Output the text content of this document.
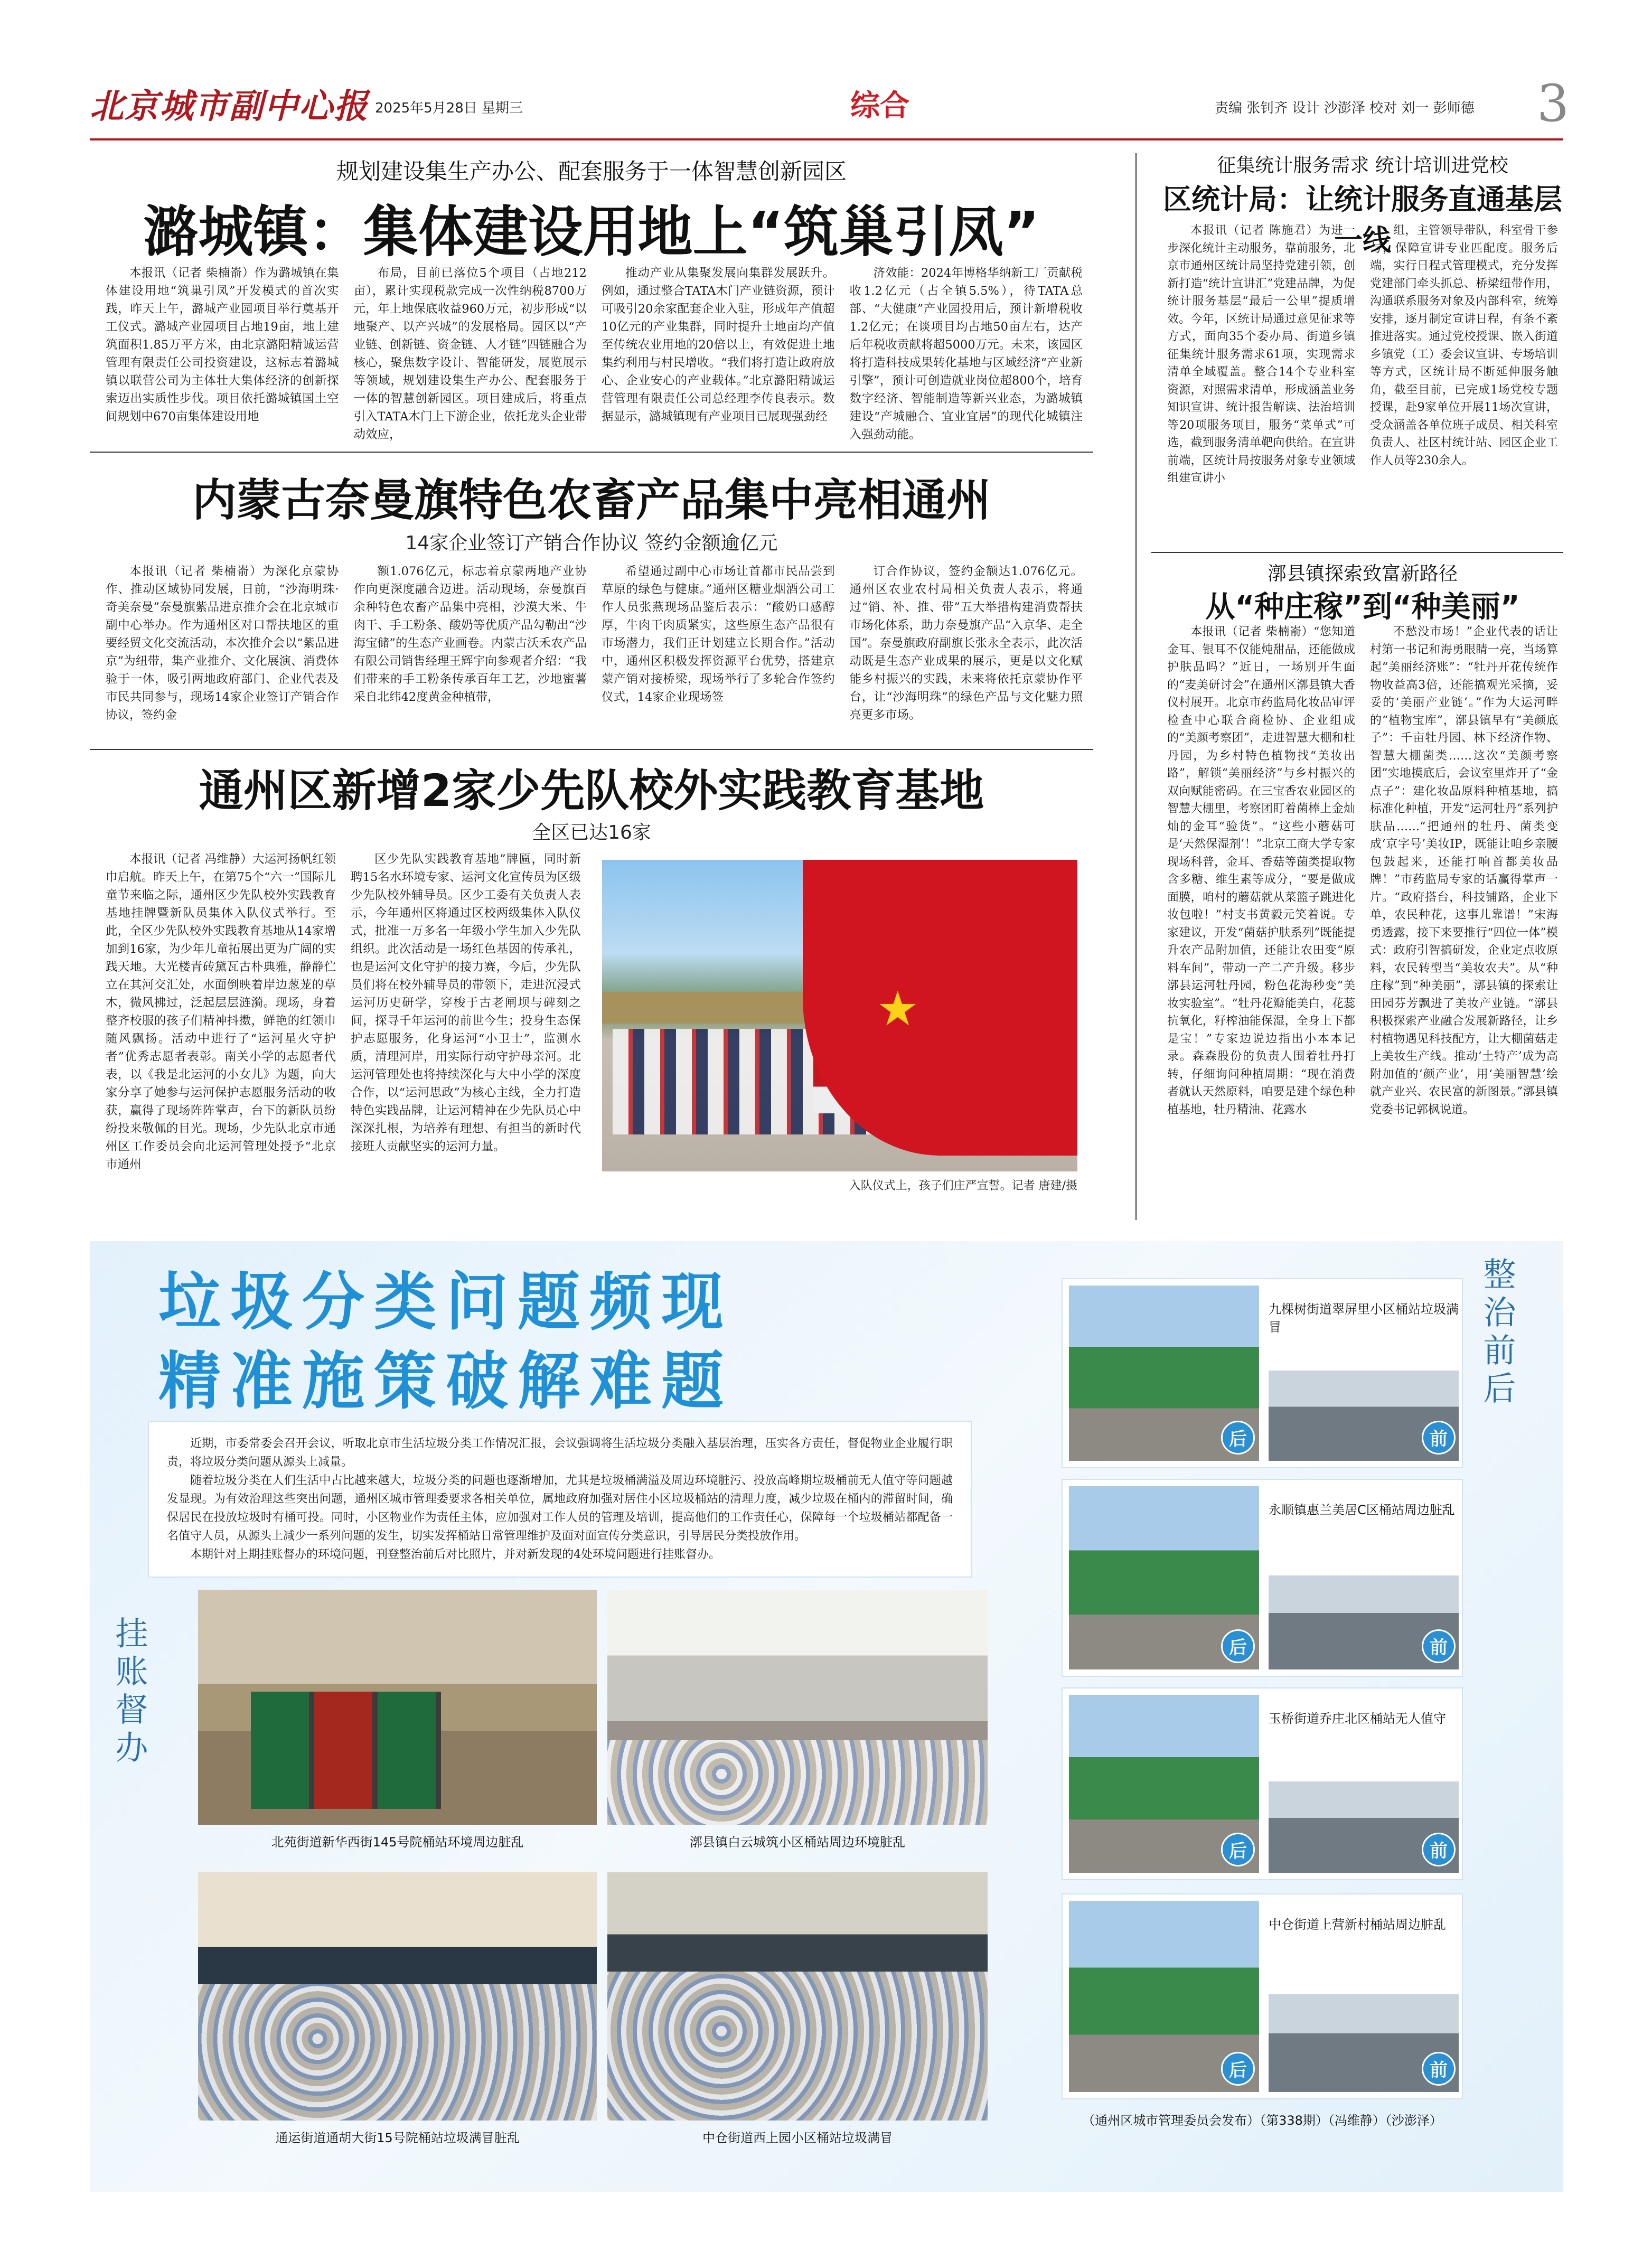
北京城市副中心报 2025年5月28日 星期三	综合	责编 张钊齐 设计 沙澎泽 校对 刘一 彭师德 3
规划建设集生产办公、配套服务于一体智慧创新园区
潞城镇：集体建设用地上“筑巢引凤”

本报讯（记者 柴楠嵛）作为潞城镇在集体建设用地“筑巢引凤”开发模式的首次实践，昨天上午，潞城产业园项目举行奠基开工仪式。潞城产业园项目占地19亩，地上建筑面积1.85万平方米，由北京潞阳精诚运营管理有限责任公司投资建设，这标志着潞城镇以联营公司为主体壮大集体经济的创新探索迈出实质性步伐。项目依托潞城镇国土空间规划中670亩集体建设用地

布局，目前已落位5个项目（占地212亩），累计实现税款完成一次性纳税8700万元，年上地保底收益960万元，初步形成“以地聚产、以产兴城”的发展格局。园区以“产业链、创新链、资金链、人才链”四链融合为核心，聚焦数字设计、智能研发，展览展示等领域，规划建设集生产办公、配套服务于一体的智慧创新园区。项目建成后，将重点引入TATA木门上下游企业，依托龙头企业带动效应，

推动产业从集聚发展向集群发展跃升。例如，通过整合TATA木门产业链资源，预计可吸引20余家配套企业入驻，形成年产值超10亿元的产业集群，同时提升土地亩均产值至传统农业用地的20倍以上，有效促进土地集约利用与村民增收。“我们将打造让政府放心、企业安心的产业载体。”北京潞阳精诚运营管理有限责任公司总经理李传良表示。数据显示，潞城镇现有产业项目已展现强劲经

济效能：2024年博格华纳新工厂贡献税收1.2亿元（占全镇5.5%），待TATA总部、“大健康”产业园投用后，预计新增税收1.2亿元；在谈项目均占地50亩左右，达产后年税收贡献将超5000万元。未来，该园区将打造科技成果转化基地与区域经济“产业新引擎”，预计可创造就业岗位超800个，培育数字经济、智能制造等新兴业态，为潞城镇建设“产城融合、宜业宜居”的现代化城镇注入强劲动能。

内蒙古奈曼旗特色农畜产品集中亮相通州
14家企业签订产销合作协议 签约金额逾亿元

本报讯（记者 柴楠嵛）为深化京蒙协作、推动区域协同发展，日前，“沙海明珠·奇美奈曼”奈曼旗紫品进京推介会在北京城市副中心举办。作为通州区对口帮扶地区的重要经贸文化交流活动，本次推介会以“紫品进京”为纽带，集产业推介、文化展演、消费体验于一体，吸引两地政府部门、企业代表及市民共同参与，现场14家企业签订产销合作协议，签约金

额1.076亿元，标志着京蒙两地产业协作向更深度融合迈进。活动现场，奈曼旗百余种特色农畜产品集中亮相，沙漠大米、牛肉干、手工粉条、酸奶等优质产品勾勒出“沙海宝储”的生态产业画卷。内蒙古沃禾农产品有限公司销售经理王辉宇向参观者介绍：“我们带来的手工粉条传承百年工艺，沙地蜜薯采自北纬42度黄金种植带，

希望通过副中心市场让首都市民品尝到草原的绿色与健康。”通州区糖业烟酒公司工作人员张燕现场品鉴后表示：“酸奶口感醇厚，牛肉干肉质紧实，这些原生态产品很有市场潜力，我们正计划建立长期合作。”活动中，通州区积极发挥资源平台优势，搭建京蒙产销对接桥梁，现场举行了多轮合作签约仪式，14家企业现场签

订合作协议，签约金额达1.076亿元。通州区农业农村局相关负责人表示，将通过“销、补、推、带”五大举措构建消费帮扶市场化体系，助力奈曼旗产品“入京华、走全国”。奈曼旗政府副旗长张永全表示，此次活动既是生态产业成果的展示，更是以文化赋能乡村振兴的实践，未来将依托京蒙协作平台，让“沙海明珠”的绿色产品与文化魅力照亮更多市场。

通州区新增2家少先队校外实践教育基地
全区已达16家

本报讯（记者 冯维静）大运河扬帆红领巾启航。昨天上午，在第75个“六一”国际儿童节来临之际，通州区少先队校外实践教育基地挂牌暨新队员集体入队仪式举行。至此，全区少先队校外实践教育基地从14家增加到16家，为少年儿童拓展出更为广阔的实践天地。大光楼青砖黛瓦古朴典雅，静静伫立在其河交汇处，水面倒映着岸边葱茏的草木，微风拂过，泛起层层涟漪。现场，身着整齐校服的孩子们精神抖擞，鲜艳的红领巾随风飘扬。活动中进行了“运河星火守护者”优秀志愿者表彰。南关小学的志愿者代表，以《我是北运河的小女儿》为题，向大家分享了她参与运河保护志愿服务活动的收获，赢得了现场阵阵掌声，台下的新队员纷纷投来敬佩的目光。现场，少先队北京市通州区工作委员会向北运河管理处授予“北京市通州

区少先队实践教育基地”牌匾，同时新聘15名水环境专家、运河文化宣传员为区级少先队校外辅导员。区少工委有关负责人表示，今年通州区将通过区校两级集体入队仪式，批准一万多名一年级小学生加入少先队组织。此次活动是一场红色基因的传承礼，也是运河文化守护的接力赛，今后，少先队员们将在校外辅导员的带领下，走进沉浸式运河历史研学，穿梭于古老闸坝与碑刻之间，探寻千年运河的前世今生；投身生态保护志愿服务，化身运河“小卫士”，监测水质，清理河岸，用实际行动守护母亲河。北运河管理处也将持续深化与大中小学的深度合作，以“运河思政”为核心主线，全力打造特色实践品牌，让运河精神在少先队员心中深深扎根，为培养有理想、有担当的新时代接班人贡献坚实的运河力量。

★
入队仪式上，孩子们庄严宣誓。记者 唐建/摄
征集统计服务需求 统计培训进党校
区统计局：让统计服务直通基层一线

本报讯（记者 陈施君）为进一步深化统计主动服务，靠前服务，北京市通州区统计局坚持党建引领，创新打造“统计宣讲汇”党建品牌，为促统计服务基层“最后一公里”提质增效。今年，区统计局通过意见征求等方式，面向35个委办局、街道乡镇征集统计服务需求61项，实现需求清单全域覆盖。整合14个专业科室资源，对照需求清单，形成涵盖业务知识宣讲、统计报告解读、法治培训等20项服务项目，服务“菜单式”可选，截到服务清单靶向供给。在宣讲前端，区统计局按服务对象专业领域组建宣讲小

组，主管领导带队，科室骨干参与，保障宣讲专业匹配度。服务后端，实行日程式管理模式，充分发挥党建部门牵头抓总、桥梁纽带作用，沟通联系服务对象及内部科室，统筹安排，逐月制定宣讲日程，有条不紊推进落实。通过党校授课、嵌入街道乡镇党（工）委会议宣讲、专场培训等方式，区统计局不断延伸服务触角，截至目前，已完成1场党校专题授课，赴9家单位开展11场次宣讲，受众涵盖各单位班子成员、相关科室负责人、社区村统计站、园区企业工作人员等230余人。

漷县镇探索致富新路径
从“种庄稼”到“种美丽”

本报讯（记者 柴楠嵛）“您知道金耳、银耳不仅能炖甜品，还能做成护肤品吗？”近日，一场别开生面的“麦美研讨会”在通州区漷县镇大香仪村展开。北京市药监局化妆品审评检查中心联合商检协、企业组成的“美颜考察团”，走进智慧大棚和杜丹园，为乡村特色植物找“美妆出路”，解锁“美丽经济”与乡村振兴的双向赋能密码。在三宝香农业园区的智慧大棚里，考察团盯着菌棒上金灿灿的金耳“验货”。“这些小蘑菇可是‘天然保湿剂’！”北京工商大学专家现场科普，金耳、香菇等菌类提取物含多糖、维生素等成分，“要是做成面膜，咱村的蘑菇就从菜篮子跳进化妆包啦！”村支书黄毅元笑着说。专家建议，开发“菌菇护肤系列”既能提升农产品附加值，还能让农田变“原料车间”，带动一产二产升级。移步漷县运河牡丹园，粉色花海秒变“美妆实验室”。“牡丹花瓣能美白，花蕊抗氧化，籽榨油能保湿，全身上下都是宝！”专家边说边指出小本本记录。森森股份的负责人围着牡丹打转，仔细询问种植周期：“现在消费者就认天然原料，咱要是建个绿色种植基地，牡丹精油、花露水

不愁没市场！”企业代表的话让村第一书记和海勇眼睛一亮，当场算起“美丽经济账”：“牡丹开花传统作物收益高3倍，还能搞观光采摘，妥妥的‘美丽产业链’。”作为大运河畔的“植物宝库”，漷县镇早有“美颜底子”：千亩牡丹园、林下经济作物、智慧大棚菌类……这次“美颜考察团”实地摸底后，会议室里炸开了“金点子”：建化妆品原料种植基地，搞标准化种植，开发“运河牡丹”系列护肤品……“把通州的牡丹、菌类变成‘京字号’美妆IP，既能让咱乡亲腰包鼓起来，还能打响首都美妆品牌！”市药监局专家的话赢得掌声一片。“政府搭台，科技铺路，企业下单，农民种花，这事儿靠谱！”宋海勇透露，接下来要推行“四位一体”模式：政府引智搞研发，企业定点收原料，农民转型当“美妆农夫”。从“种庄稼”到“种美丽”，漷县镇的探索让田园芬芳飘进了美妆产业链。“漷县积极探索产业融合发展新路径，让乡村植物遇见科技配方，让大棚菌菇走上美妆生产线。推动‘土特产’成为高附加值的‘颜产业’，用‘美丽智慧’绘就产业兴、农民富的新图景。”漷县镇党委书记郭枫说道。

垃圾分类问题频现
精准施策破解难题

近期，市委常委会召开会议，听取北京市生活垃圾分类工作情况汇报，会议强调将生活垃圾分类融入基层治理，压实各方责任，督促物业企业履行职责，将垃圾分类问题从源头上减量。

随着垃圾分类在人们生活中占比越来越大，垃圾分类的问题也逐渐增加，尤其是垃圾桶满溢及周边环境脏污、投放高峰期垃圾桶前无人值守等问题越发显现。为有效治理这些突出问题，通州区城市管理委要求各相关单位，属地政府加强对居住小区垃圾桶站的清理力度，减少垃圾在桶内的滞留时间，确保居民在投放垃圾时有桶可投。同时，小区物业作为责任主体，应加强对工作人员的管理及培训，提高他们的工作责任心，保障每一个垃圾桶站都配备一名值守人员，从源头上减少一系列问题的发生，切实发挥桶站日常管理维护及面对面宣传分类意识，引导居民分类投放作用。

本期针对上期挂账督办的环境问题，刊登整治前后对比照片，并对新发现的4处环境问题进行挂账督办。

挂账督办
整治前后
北苑街道新华西街145号院桶站环境周边脏乱	漷县镇白云城筑小区桶站周边环境脏乱
通运街道通胡大街15号院桶站垃圾满冒脏乱	中仓街道西上园小区桶站垃圾满冒
九棵树街道翠屏里小区桶站垃圾满冒
后	前
永顺镇惠兰美居C区桶站周边脏乱
后	前
玉桥街道乔庄北区桶站无人值守
后	前
中仓街道上营新村桶站周边脏乱
后	前
（通州区城市管理委员会发布）（第338期）（冯维静）（沙澎泽）
